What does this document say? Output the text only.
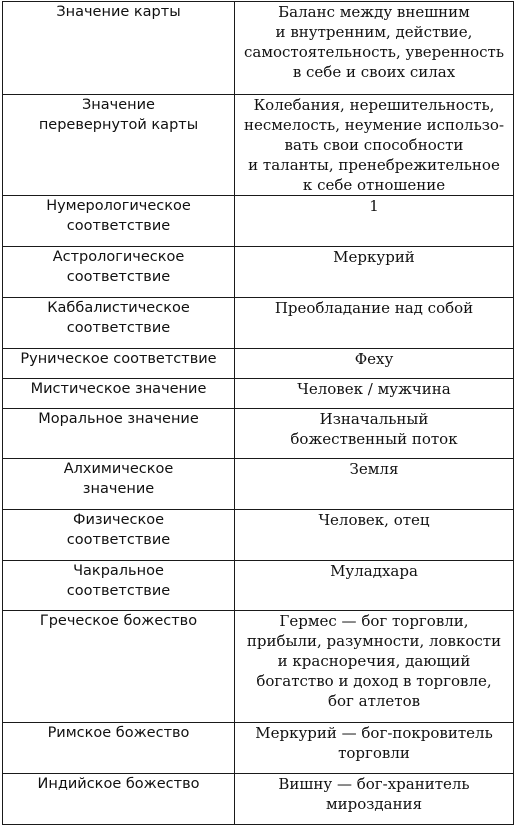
Значение карты	Баланс между внешним
и внутренним, действие,
самостоятельность, уверенность
в себе и своих силах

Значение
перевернутой карты	Колебания, нерешительность,
несмелость, неумение использо-
вать свои способности
и таланты, пренебрежительное
к себе отношение

Нумерологическое
соответствие	1

Астрологическое
соответствие	Меркурий

Каббалистическое
соответствие	Преобладание над собой

Руническое соответствие	Феху

Мистическое значение	Человек / мужчина

Моральное значение	Изначальный
божественный поток

Алхимическое
значение	Земля

Физическое
соответствие	Человек, отец

Чакральное
соответствие	Муладхара

Греческое божество	Гермес — бог торговли,
прибыли, разумности, ловкости
и красноречия, дающий
богатство и доход в торговле,
бог атлетов

Римское божество	Меркурий — бог-покровитель
торговли

Индийское божество	Вишну — бог-хранитель
мироздания
